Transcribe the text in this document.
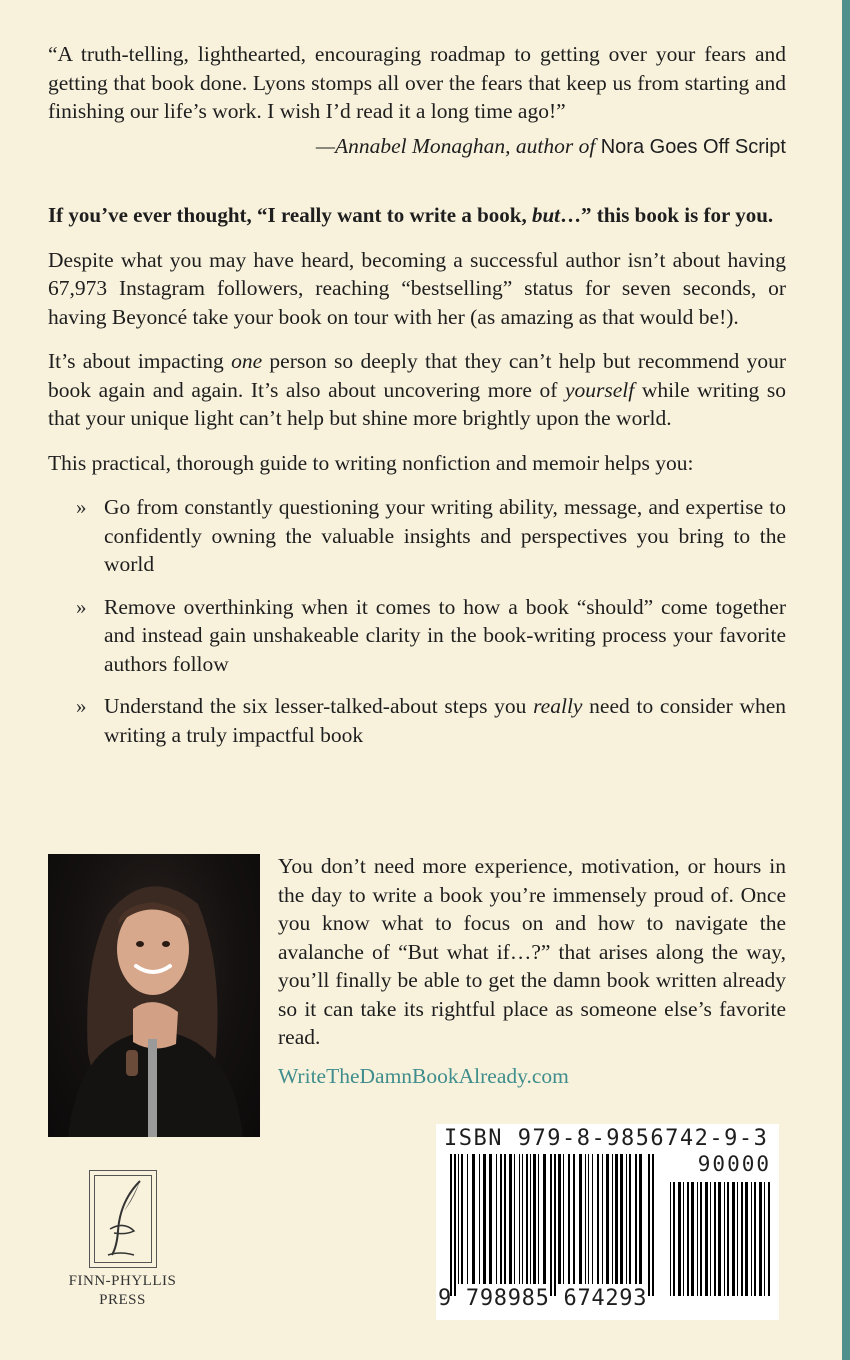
“A truth-telling, lighthearted, encouraging roadmap to getting over your fears and getting that book done. Lyons stomps all over the fears that keep us from starting and finishing our life’s work. I wish I’d read it a long time ago!”

—Annabel Monaghan, author of Nora Goes Off Script

If you’ve ever thought, “I really want to write a book, but…” this book is for you.

Despite what you may have heard, becoming a successful author isn’t about having 67,973 Instagram followers, reaching “bestselling” status for seven seconds, or having Beyoncé take your book on tour with her (as amazing as that would be!).

It’s about impacting one person so deeply that they can’t help but recommend your book again and again. It’s also about uncovering more of yourself while writing so that your unique light can’t help but shine more brightly upon the world.

This practical, thorough guide to writing nonfiction and memoir helps you:

» Go from constantly questioning your writing ability, message, and expertise to confidently owning the valuable insights and perspectives you bring to the world

» Remove overthinking when it comes to how a book “should” come together and instead gain unshakeable clarity in the book-writing process your favorite authors follow

» Understand the six lesser-talked-about steps you really need to consider when writing a truly impactful book

You don’t need more experience, motivation, or hours in the day to write a book you’re immensely proud of. Once you know what to focus on and how to navigate the avalanche of “But what if…?” that arises along the way, you’ll finally be able to get the damn book written already so it can take its rightful place as someone else’s favorite read.

WriteTheDamnBookAlready.com
FINN-PHYLLIS
PRESS
ISBN 979-8-9856742-9-3
90000
9 798985 674293
